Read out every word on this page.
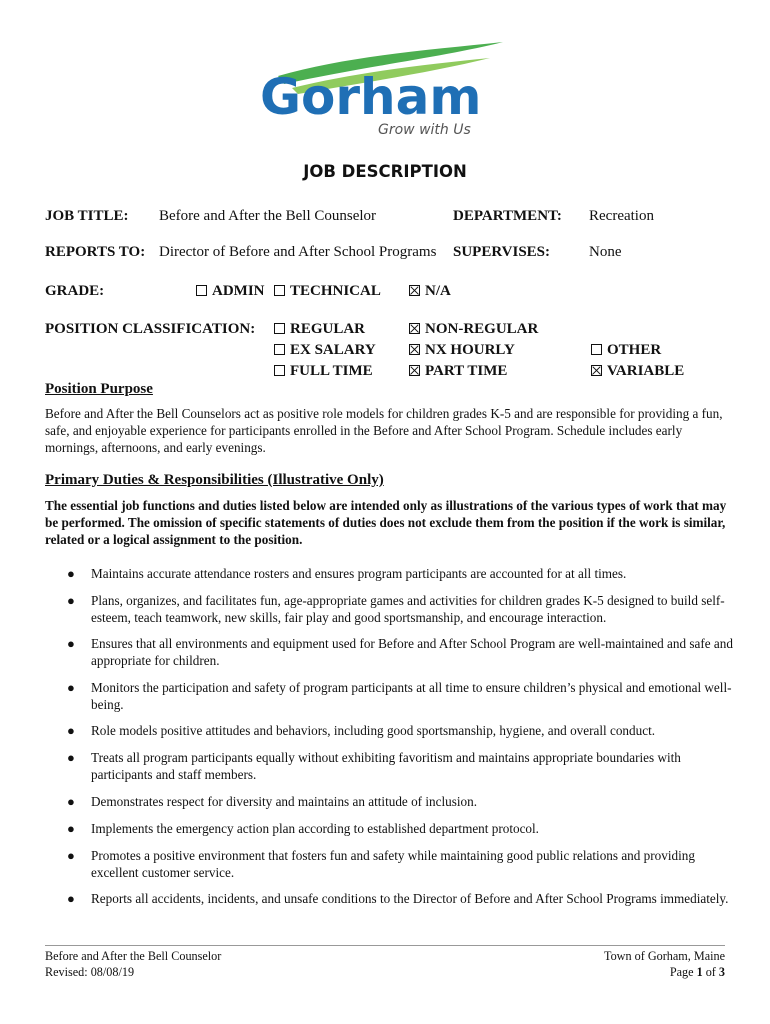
Gorham
Grow with Us
JOB DESCRIPTION
JOB TITLE: Before and After the Bell Counselor	DEPARTMENT: Recreation
REPORTS TO: Director of Before and After School Programs SUPERVISES:	None
GRADE:	ADMIN	TECHNICAL	N/A
POSITION CLASSIFICATION:	REGULAR	NON-REGULAR
EX SALARY	NX HOURLY	OTHER
FULL TIME	PART TIME	VARIABLE
Position Purpose
Before and After the Bell Counselors act as positive role models for children grades K-5 and are responsible for providing a fun, safe, and enjoyable experience for participants enrolled in the Before and After School Program. Schedule includes early mornings, afternoons, and early evenings.
Primary Duties & Responsibilities (Illustrative Only)
The essential job functions and duties listed below are intended only as illustrations of the various types of work that may be performed. The omission of specific statements of duties does not exclude them from the position if the work is similar, related or a logical assignment to the position.
● Maintains accurate attendance rosters and ensures program participants are accounted for at all times.
● Plans, organizes, and facilitates fun, age-appropriate games and activities for children grades K-5 designed to build self-esteem, teach teamwork, new skills, fair play and good sportsmanship, and encourage interaction.
● Ensures that all environments and equipment used for Before and After School Program are well-maintained and safe and appropriate for children.
● Monitors the participation and safety of program participants at all time to ensure children’s physical and emotional well-being.
● Role models positive attitudes and behaviors, including good sportsmanship, hygiene, and overall conduct.
● Treats all program participants equally without exhibiting favoritism and maintains appropriate boundaries with participants and staff members.
● Demonstrates respect for diversity and maintains an attitude of inclusion.
● Implements the emergency action plan according to established department protocol.
● Promotes a positive environment that fosters fun and safety while maintaining good public relations and providing excellent customer service.
● Reports all accidents, incidents, and unsafe conditions to the Director of Before and After School Programs immediately.
Before and After the Bell Counselor
Revised: 08/08/19
Town of Gorham, Maine
Page 1 of 3
